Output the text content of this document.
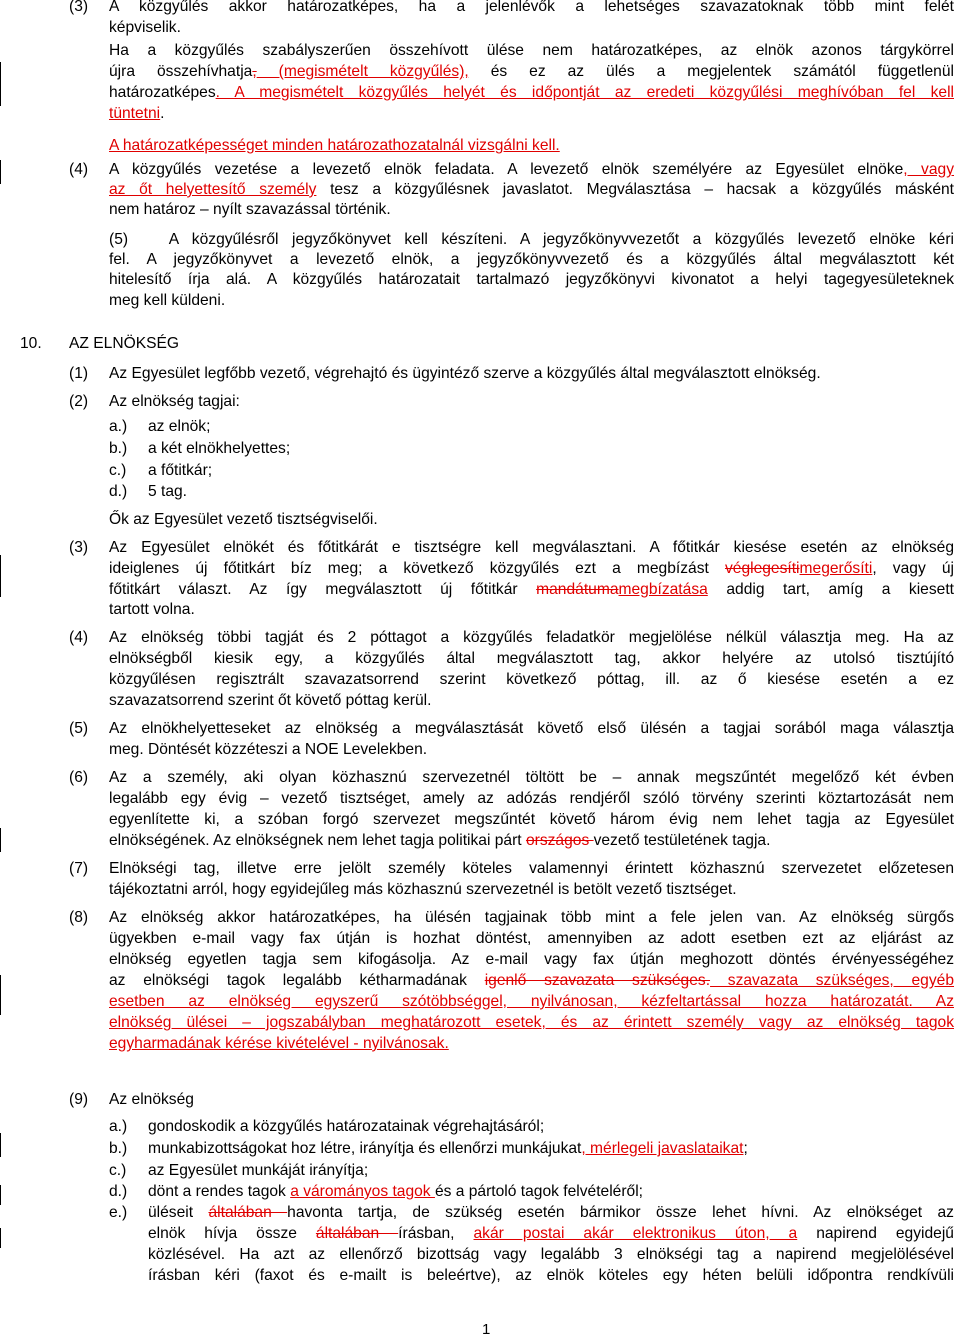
(3) A közgyűlés akkor határozatképes, ha a jelenlévők a lehetséges szavazatoknak több mint felét
képviselik.
Ha a közgyűlés szabályszerűen összehívott ülése nem határozatképes, az elnök azonos tárgykörrel
újra összehívhatja, (megismételt közgyűlés), és ez az ülés a megjelentek számától függetlenül
határozatképes. A megismételt közgyűlés helyét és időpontját az eredeti közgyűlési meghívóban fel kell
tüntetni.
A határozatképességet minden határozathozatalnál vizsgálni kell.
(4) A közgyűlés vezetése a levezető elnök feladata. A levezető elnök személyére az Egyesület elnöke, vagy
az őt helyettesítő személy tesz a közgyűlésnek javaslatot. Megválasztása – hacsak a közgyűlés másként
nem határoz – nyílt szavazással történik.
(5)	A közgyűlésről jegyzőkönyvet kell készíteni. A jegyzőkönyvvezetőt a közgyűlés levezető elnöke kéri
fel. A jegyzőkönyvet a levezető elnök, a jegyzőkönyvvezető és a közgyűlés által megválasztott két
hitelesítő írja alá. A közgyűlés határozatait tartalmazó jegyzőkönyvi kivonatot a helyi tagegyesületeknek
meg kell küldeni.
10. AZ ELNÖKSÉG
(1) Az Egyesület legfőbb vezető, végrehajtó és ügyintéző szerve a közgyűlés által megválasztott elnökség.
(2) Az elnökség tagjai:
a.) az elnök;
b.) a két elnökhelyettes;
c.) a főtitkár;
d.) 5 tag.
Ők az Egyesület vezető tisztségviselői.
(3) Az Egyesület elnökét és főtitkárát e tisztségre kell megválasztani. A főtitkár kiesése esetén az elnökség
ideiglenes új főtitkárt bíz meg; a következő közgyűlés ezt a megbízást véglegesítimegerősíti, vagy új
főtitkárt választ. Az így megválasztott új főtitkár mandátumamegbízatása addig tart, amíg a kiesett
tartott volna.
(4) Az elnökség többi tagját és 2 póttagot a közgyűlés feladatkör megjelölése nélkül választja meg. Ha az
elnökségből kiesik egy, a közgyűlés által megválasztott tag, akkor helyére az utolsó tisztújító
közgyűlésen regisztrált szavazatsorrend szerint következő póttag, ill. az ő kiesése esetén a ez
szavazatsorrend szerint őt követő póttag kerül.
(5) Az elnökhelyetteseket az elnökség a megválasztását követő első ülésén a tagjai sorából maga választja
meg. Döntését közzéteszi a NOE Levelekben.
(6) Az a személy, aki olyan közhasznú szervezetnél töltött be – annak megszűntét megelőző két évben
legalább egy évig – vezető tisztséget, amely az adózás rendjéről szóló törvény szerinti köztartozását nem
egyenlítette ki, a szóban forgó szervezet megszűntét követő három évig nem lehet tagja az Egyesület
elnökségének. Az elnökségnek nem lehet tagja politikai párt országos vezető testületének tagja.
(7) Elnökségi tag, illetve erre jelölt személy köteles valamennyi érintett közhasznú szervezetet előzetesen
tájékoztatni arról, hogy egyidejűleg más közhasznú szervezetnél is betölt vezető tisztséget.
(8) Az elnökség akkor határozatképes, ha ülésén tagjainak több mint a fele jelen van. Az elnökség sürgős
ügyekben e-mail vagy fax útján is hozhat döntést, amennyiben az adott esetben ezt az eljárást az
elnökség egyetlen tagja sem kifogásolja. Az e-mail vagy fax útján meghozott döntés érvényességéhez
az elnökségi tagok legalább kétharmadának igenlő szavazata szükséges. szavazata szükséges, egyéb
esetben az elnökség egyszerű szótöbbséggel, nyilvánosan, kézfeltartással hozza határozatát. Az
elnökség ülései – jogszabályban meghatározott esetek, és az érintett személy vagy az elnökség tagok
egyharmadának kérése kivételével - nyilvánosak.
(9) Az elnökség
a.) gondoskodik a közgyűlés határozatainak végrehajtásáról;
b.) munkabizottságokat hoz létre, irányítja és ellenőrzi munkájukat, mérlegeli javaslataikat;
c.) az Egyesület munkáját irányítja;
d.) dönt a rendes tagok a várományos tagok és a pártoló tagok felvételéről;
e.) üléseit általában havonta tartja, de szükség esetén bármikor össze lehet hívni. Az elnökséget az
elnök hívja össze általában írásban, akár postai akár elektronikus úton, a napirend egyidejű
közlésével. Ha azt az ellenőrző bizottság vagy legalább 3 elnökségi tag a napirend megjelölésével
írásban kéri (faxot és e-mailt is beleértve), az elnök köteles egy héten belüli időpontra rendkívüli
1
